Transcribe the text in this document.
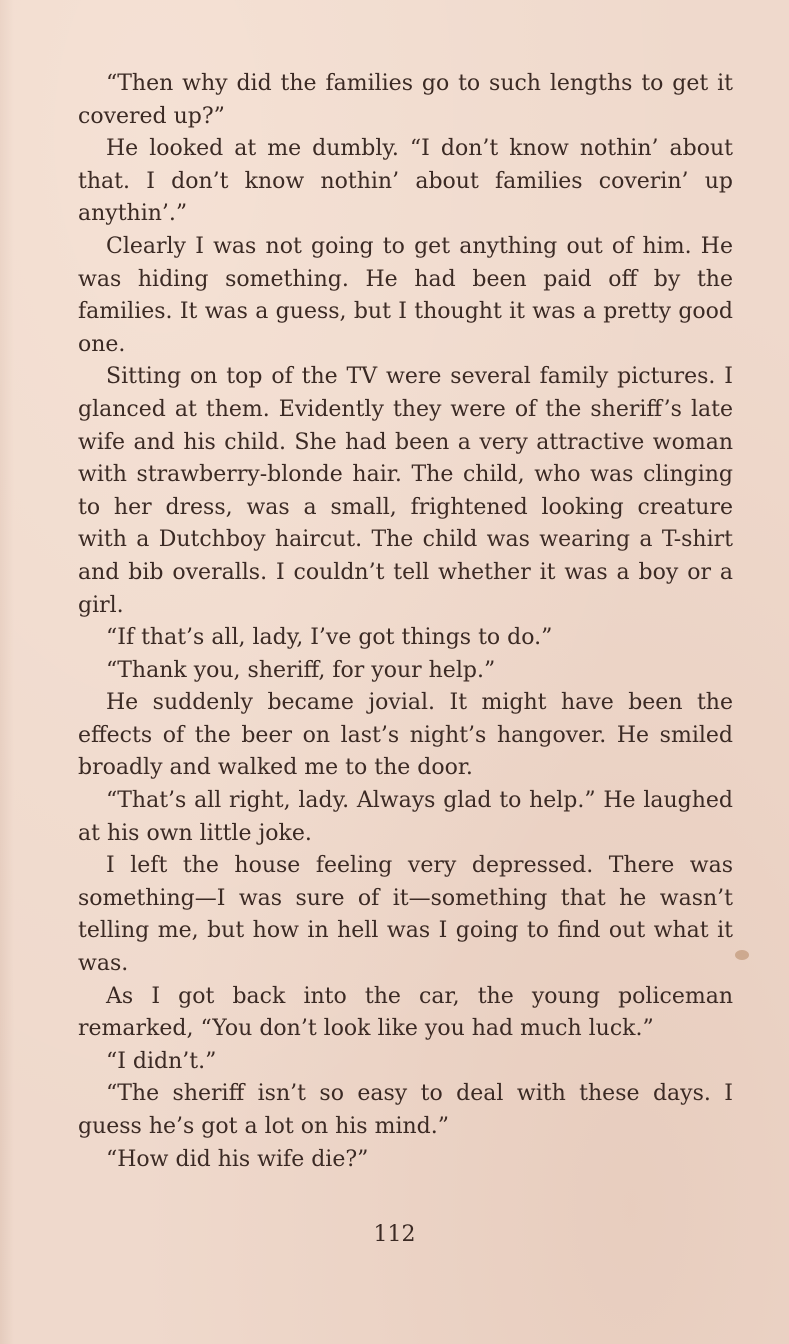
“Then why did the families go to such lengths to get it covered up?”

He looked at me dumbly. “I don’t know nothin’ about that. I don’t know nothin’ about families coverin’ up anythin’.”

Clearly I was not going to get anything out of him. He was hiding something. He had been paid off by the families. It was a guess, but I thought it was a pretty good one.

Sitting on top of the TV were several family pictures. I glanced at them. Evidently they were of the sheriff’s late wife and his child. She had been a very attractive woman with strawberry-blonde hair. The child, who was clinging to her dress, was a small, frightened looking creature with a Dutchboy haircut. The child was wearing a T-shirt and bib overalls. I couldn’t tell whether it was a boy or a girl.

“If that’s all, lady, I’ve got things to do.”

“Thank you, sheriff, for your help.”

He suddenly became jovial. It might have been the effects of the beer on last’s night’s hangover. He smiled broadly and walked me to the door.

“That’s all right, lady. Always glad to help.” He laughed at his own little joke.

I left the house feeling very depressed. There was something—I was sure of it—something that he wasn’t telling me, but how in hell was I going to find out what it was.

As I got back into the car, the young policeman remarked, “You don’t look like you had much luck.”

“I didn’t.”

“The sheriff isn’t so easy to deal with these days. I guess he’s got a lot on his mind.”

“How did his wife die?”

112
